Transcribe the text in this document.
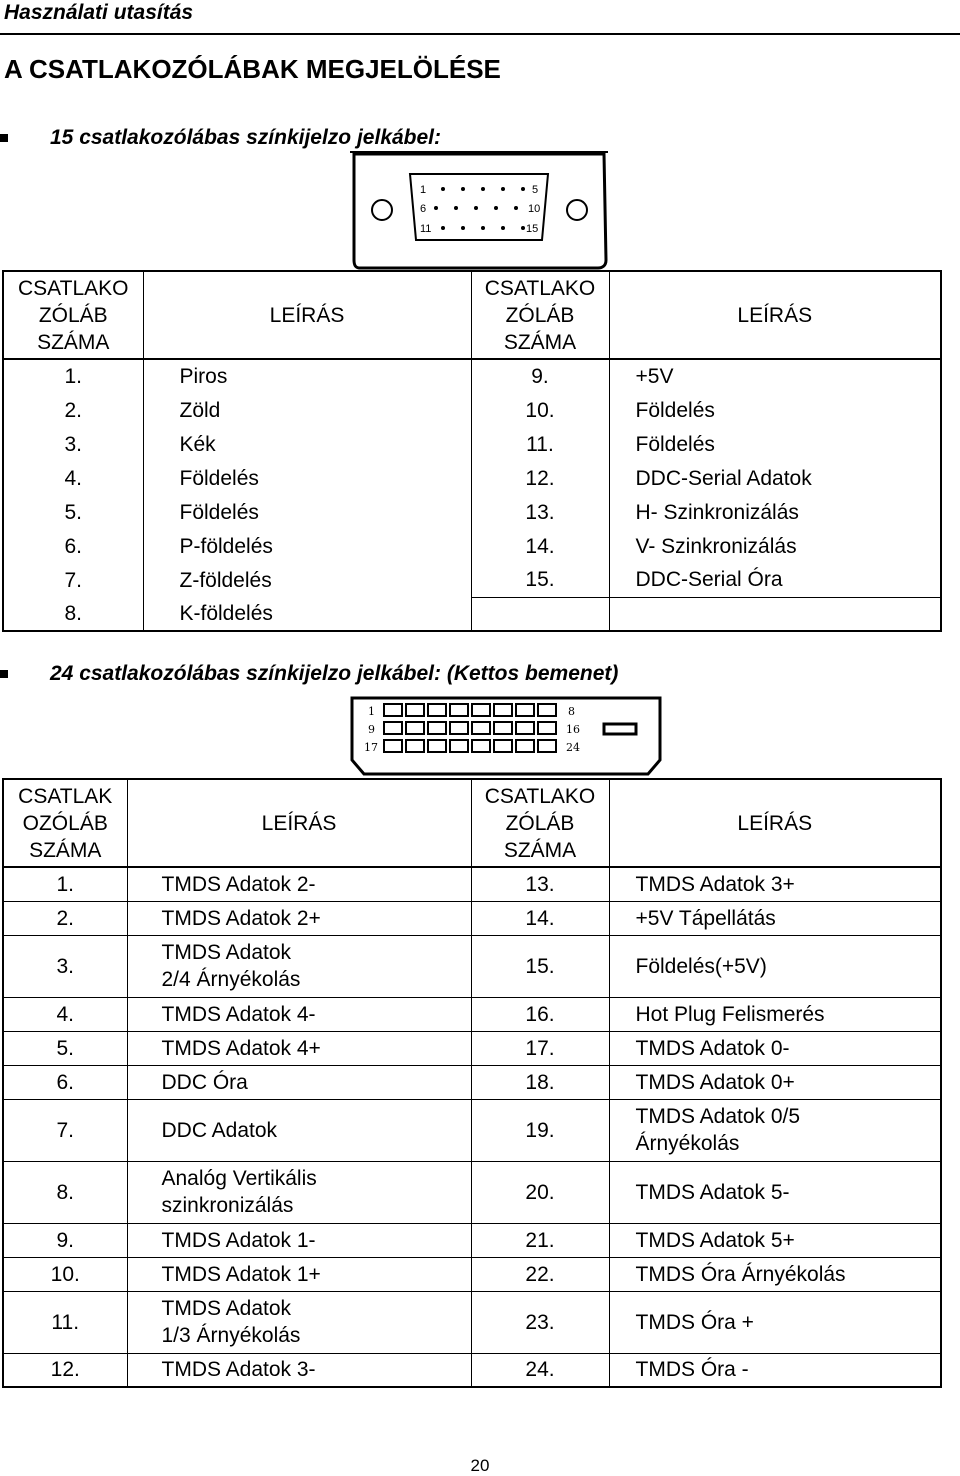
Használati utasítás
A CSATLAKOZÓLÁBAK MEGJELÖLÉSE
15 csatlakozólábas színkijelzo jelkábel:
1	5
6	10
11	15
CSATLAKO ZÓLÁB SZÁMA	LEÍRÁS	CSATLAKO ZÓLÁB SZÁMA	LEÍRÁS
1.	Piros	9.	+5V
2.	Zöld	10.	Földelés
3.	Kék	11.	Földelés
4.	Földelés	12.	DDC-Serial Adatok
5.	Földelés	13.	H- Szinkronizálás
6.	P-földelés	14.	V- Szinkronizálás
7.	Z-földelés	15.	DDC-Serial Óra
8.	K-földelés		
24 csatlakozólábas színkijelzo jelkábel: (Kettos bemenet)
1	8
9	16
17	24
CSATLAK OZÓLÁB SZÁMA	LEÍRÁS	CSATLAKO ZÓLÁB SZÁMA	LEÍRÁS
1.	TMDS Adatok 2-	13.	TMDS Adatok 3+
2.	TMDS Adatok 2+	14.	+5V Tápellátás
3.	TMDS Adatok 2/4 Árnyékolás	15.	Földelés(+5V)
4.	TMDS Adatok 4-	16.	Hot Plug Felismerés
5.	TMDS Adatok 4+	17.	TMDS Adatok 0-
6.	DDC Óra	18.	TMDS Adatok 0+
7.	DDC Adatok	19.	TMDS Adatok 0/5 Árnyékolás
8.	Analóg Vertikális szinkronizálás	20.	TMDS Adatok 5-
9.	TMDS Adatok 1-	21.	TMDS Adatok 5+
10.	TMDS Adatok 1+	22.	TMDS Óra Árnyékolás
11.	TMDS Adatok 1/3 Árnyékolás	23.	TMDS Óra +
12.	TMDS Adatok 3-	24.	TMDS Óra -
20
